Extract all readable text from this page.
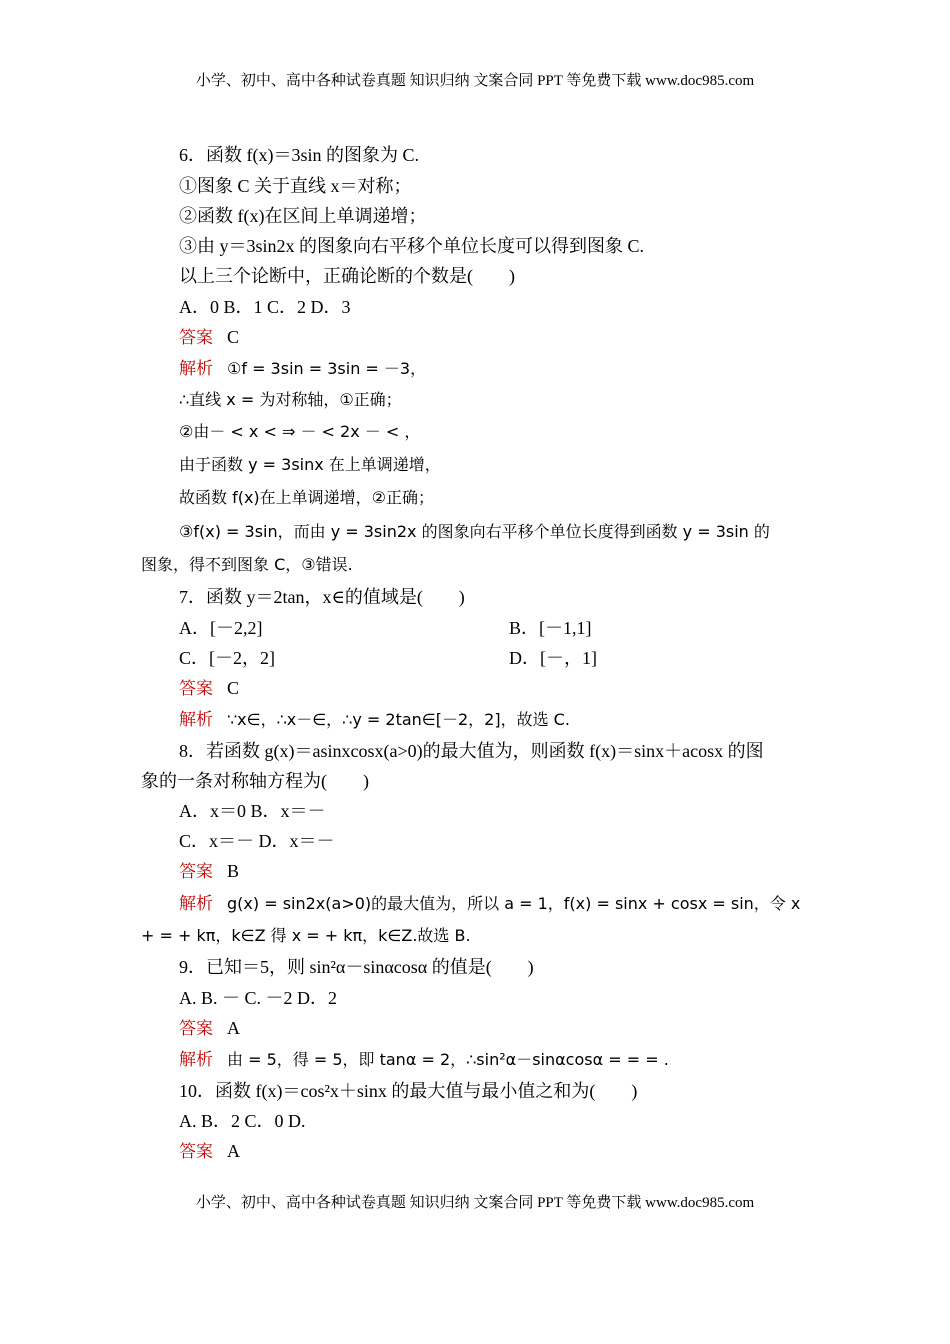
小学、初中、高中各种试卷真题 知识归纳 文案合同 PPT 等免费下载 www.doc985.com
6．函数 f(x)＝3sin 的图象为 C.
①图象 C 关于直线 x＝对称；
②函数 f(x)在区间上单调递增；
③由 y＝3sin2x 的图象向右平移个单位长度可以得到图象 C.
以上三个论断中，正确论断的个数是(　　)
A．0 B．1 C．2 D．3
答案 C
解析 ①f = 3sin = 3sin = －3，
∴直线 x = 为对称轴，①正确；
②由－ < x < ⇒ － < 2x － < ，
由于函数 y = 3sinx 在上单调递增，
故函数 f(x)在上单调递增，②正确；
③f(x) = 3sin，而由 y = 3sin2x 的图象向右平移个单位长度得到函数 y = 3sin 的
图象，得不到图象 C，③错误.
7．函数 y＝2tan，x∈的值域是(　　)
A．[－2,2]	B．[－1,1]
C．[－2，2]	D．[－，1]
答案 C
解析 ∵x∈，∴x－∈，∴y = 2tan∈[－2，2]，故选 C.
8．若函数 g(x)＝asinxcosx(a>0)的最大值为，则函数 f(x)＝sinx＋acosx 的图
象的一条对称轴方程为(　　)
A．x＝0 B．x＝－
C．x＝－ D．x＝－
答案 B
解析 g(x) = sin2x(a>0)的最大值为，所以 a = 1，f(x) = sinx + cosx = sin，令 x
+ = + kπ，k∈Z 得 x = + kπ，k∈Z.故选 B.
9．已知＝5，则 sin²α－sinαcosα 的值是(　　)
A. B. － C. －2 D．2
答案 A
解析 由 = 5，得 = 5，即 tanα = 2，∴sin²α－sinαcosα = = = .
10．函数 f(x)＝cos²x＋sinx 的最大值与最小值之和为(　　)
A. B．2 C．0 D.
答案 A
小学、初中、高中各种试卷真题 知识归纳 文案合同 PPT 等免费下载 www.doc985.com
